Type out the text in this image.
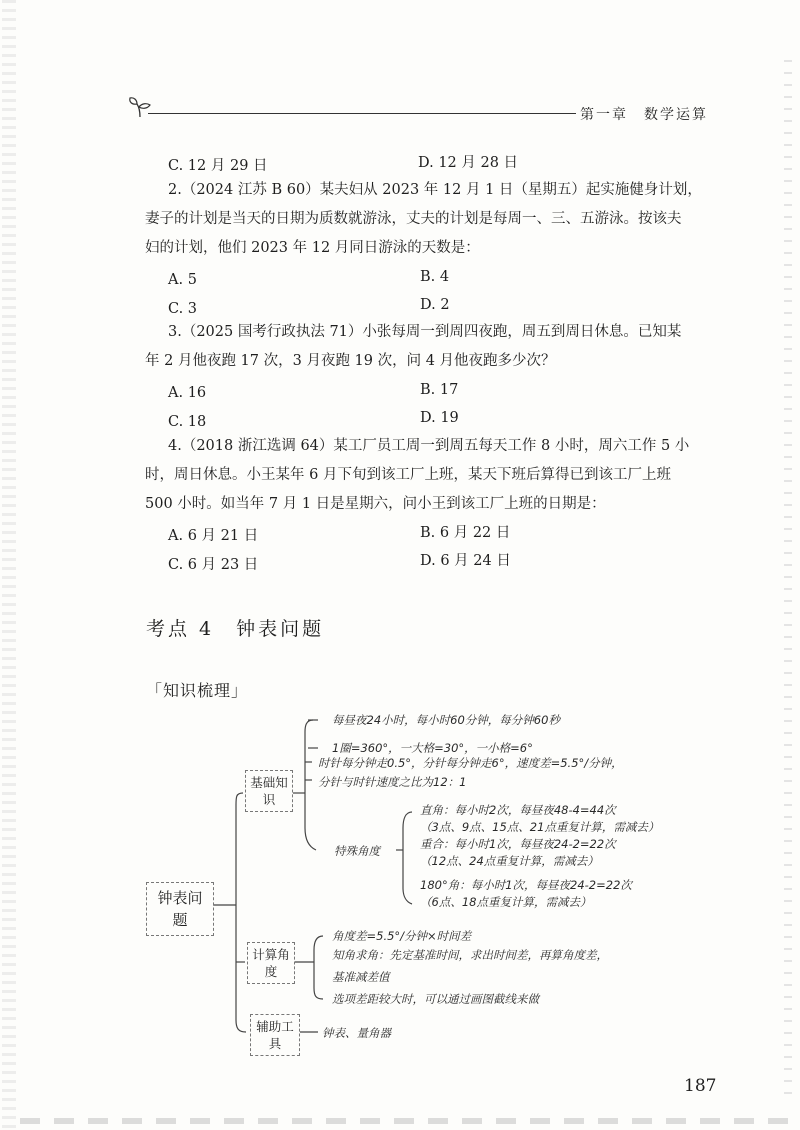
第一章　数学运算
C. 12 月 29 日	D. 12 月 28 日
2.（2024 江苏 B 60）某夫妇从 2023 年 12 月 1 日（星期五）起实施健身计划，
妻子的计划是当天的日期为质数就游泳，丈夫的计划是每周一、三、五游泳。按该夫
妇的计划，他们 2023 年 12 月同日游泳的天数是：
A. 5	B. 4
C. 3	D. 2
3.（2025 国考行政执法 71）小张每周一到周四夜跑，周五到周日休息。已知某
年 2 月他夜跑 17 次，3 月夜跑 19 次，问 4 月他夜跑多少次？
A. 16	B. 17
C. 18	D. 19
4.（2018 浙江选调 64）某工厂员工周一到周五每天工作 8 小时，周六工作 5 小
时，周日休息。小王某年 6 月下旬到该工厂上班，某天下班后算得已到该工厂上班
500 小时。如当年 7 月 1 日是星期六，问小王到该工厂上班的日期是：
A. 6 月 21 日	B. 6 月 22 日
C. 6 月 23 日	D. 6 月 24 日
考点 4　钟表问题
「知识梳理」
钟表问题
基础知识
计算角度
辅助工具
每昼夜24小时，每小时60分钟，每分钟60秒
1圈=360°，一大格=30°，一小格=6°
时针每分钟走0.5°，分针每分钟走6°，速度差=5.5°/分钟，
分针与时针速度之比为12：1
特殊角度
直角：每小时2次，每昼夜48-4=44次
（3点、9点、15点、21点重复计算，需减去）
重合：每小时1次，每昼夜24-2=22次
（12点、24点重复计算，需减去）
180°角：每小时1次，每昼夜24-2=22次
（6点、18点重复计算，需减去）
角度差=5.5°/分钟×时间差
知角求角：先定基准时间，求出时间差，再算角度差，
基准减差值
选项差距较大时，可以通过画图截线来做
钟表、量角器
187
